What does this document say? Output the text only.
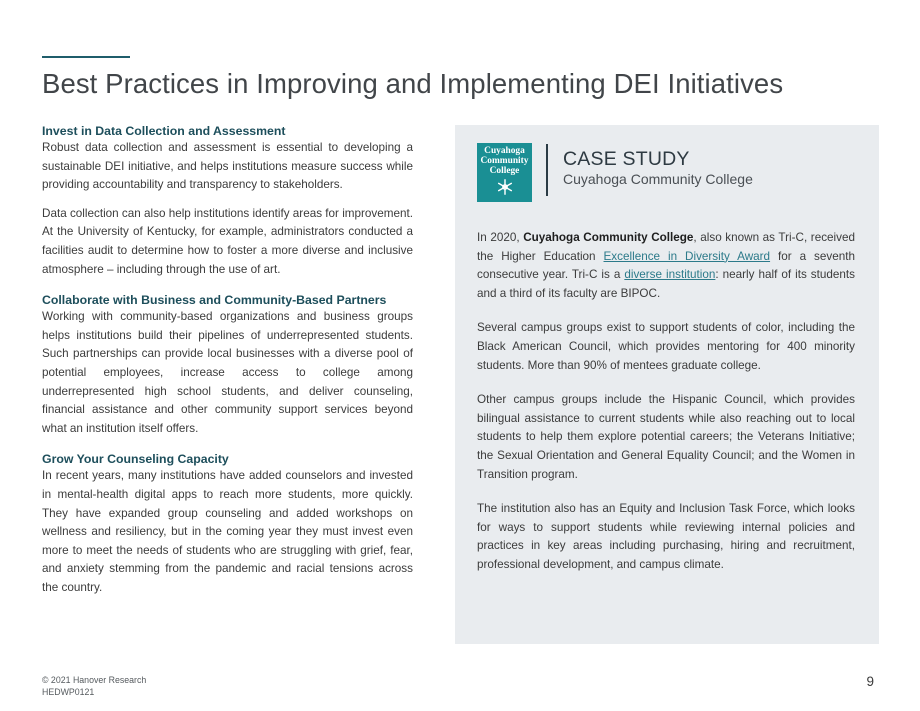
Best Practices in Improving and Implementing DEI Initiatives
Invest in Data Collection and Assessment

Robust data collection and assessment is essential to developing a sustainable DEI initiative, and helps institutions measure success while providing accountability and transparency to stakeholders.

Data collection can also help institutions identify areas for improvement. At the University of Kentucky, for example, administrators conducted a facilities audit to determine how to foster a more diverse and inclusive atmosphere – including through the use of art.

Collaborate with Business and Community-Based Partners

Working with community-based organizations and business groups helps institutions build their pipelines of underrepresented students. Such partnerships can provide local businesses with a diverse pool of potential employees, increase access to college among underrepresented high school students, and deliver counseling, financial assistance and other community support services beyond what an institution itself offers.

Grow Your Counseling Capacity

In recent years, many institutions have added counselors and invested in mental-health digital apps to reach more students, more quickly. They have expanded group counseling and added workshops on wellness and resiliency, but in the coming year they must invest even more to meet the needs of students who are struggling with grief, fear, and anxiety stemming from the pandemic and racial tensions across the country.

Cuyahoga
Community
College
CASE STUDY
Cuyahoga Community College

In 2020, Cuyahoga Community College, also known as Tri-C, received the Higher Education Excellence in Diversity Award for a seventh consecutive year. Tri-C is a diverse institution: nearly half of its students and a third of its faculty are BIPOC.

Several campus groups exist to support students of color, including the Black American Council, which provides mentoring for 400 minority students. More than 90% of mentees graduate college.

Other campus groups include the Hispanic Council, which provides bilingual assistance to current students while also reaching out to local students to help them explore potential careers; the Veterans Initiative; the Sexual Orientation and General Equality Council; and the Women in Transition program.

The institution also has an Equity and Inclusion Task Force, which looks for ways to support students while reviewing internal policies and practices in key areas including purchasing, hiring and recruitment, professional development, and campus climate.

© 2021 Hanover Research
HEDWP0121
9
